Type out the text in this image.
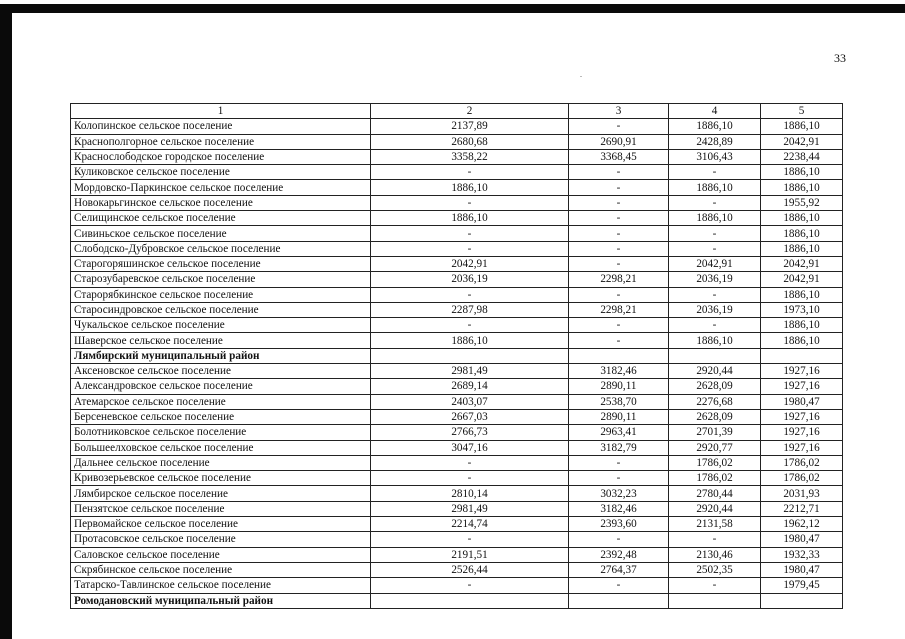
33
1	2	3	4	5
Колопинское сельское поселение	2137,89	-	1886,10	1886,10
Краснополгорное сельское поселение	2680,68	2690,91	2428,89	2042,91
Краснослободское городское поселение	3358,22	3368,45	3106,43	2238,44
Куликовское сельское поселение	-	-	-	1886,10
Мордовско-Паркинское сельское поселение	1886,10	-	1886,10	1886,10
Новокарьгинское сельское поселение	-	-	-	1955,92
Селищинское сельское поселение	1886,10	-	1886,10	1886,10
Сивиньское сельское поселение	-	-	-	1886,10
Слободско-Дубровское сельское поселение	-	-	-	1886,10
Старогоряшинское сельское поселение	2042,91	-	2042,91	2042,91
Старозубаревское сельское поселение	2036,19	2298,21	2036,19	2042,91
Старорябкинское сельское поселение	-	-	-	1886,10
Старосиндровское сельское поселение	2287,98	2298,21	2036,19	1973,10
Чукальское сельское поселение	-	-	-	1886,10
Шаверское сельское поселение	1886,10	-	1886,10	1886,10
Лямбирский муниципальный район				
Аксеновское сельское поселение	2981,49	3182,46	2920,44	1927,16
Александровское сельское поселение	2689,14	2890,11	2628,09	1927,16
Атемарское сельское поселение	2403,07	2538,70	2276,68	1980,47
Берсеневское сельское поселение	2667,03	2890,11	2628,09	1927,16
Болотниковское сельское поселение	2766,73	2963,41	2701,39	1927,16
Большеелховское сельское поселение	3047,16	3182,79	2920,77	1927,16
Дальнее сельское поселение	-	-	1786,02	1786,02
Кривозерьевское сельское поселение	-	-	1786,02	1786,02
Лямбирское сельское поселение	2810,14	3032,23	2780,44	2031,93
Пензятское сельское поселение	2981,49	3182,46	2920,44	2212,71
Первомайское сельское поселение	2214,74	2393,60	2131,58	1962,12
Протасовское сельское поселение	-	-	-	1980,47
Саловское сельское поселение	2191,51	2392,48	2130,46	1932,33
Скрябинское сельское поселение	2526,44	2764,37	2502,35	1980,47
Татарско-Тавлинское сельское поселение	-	-	-	1979,45
Ромодановский муниципальный район				
